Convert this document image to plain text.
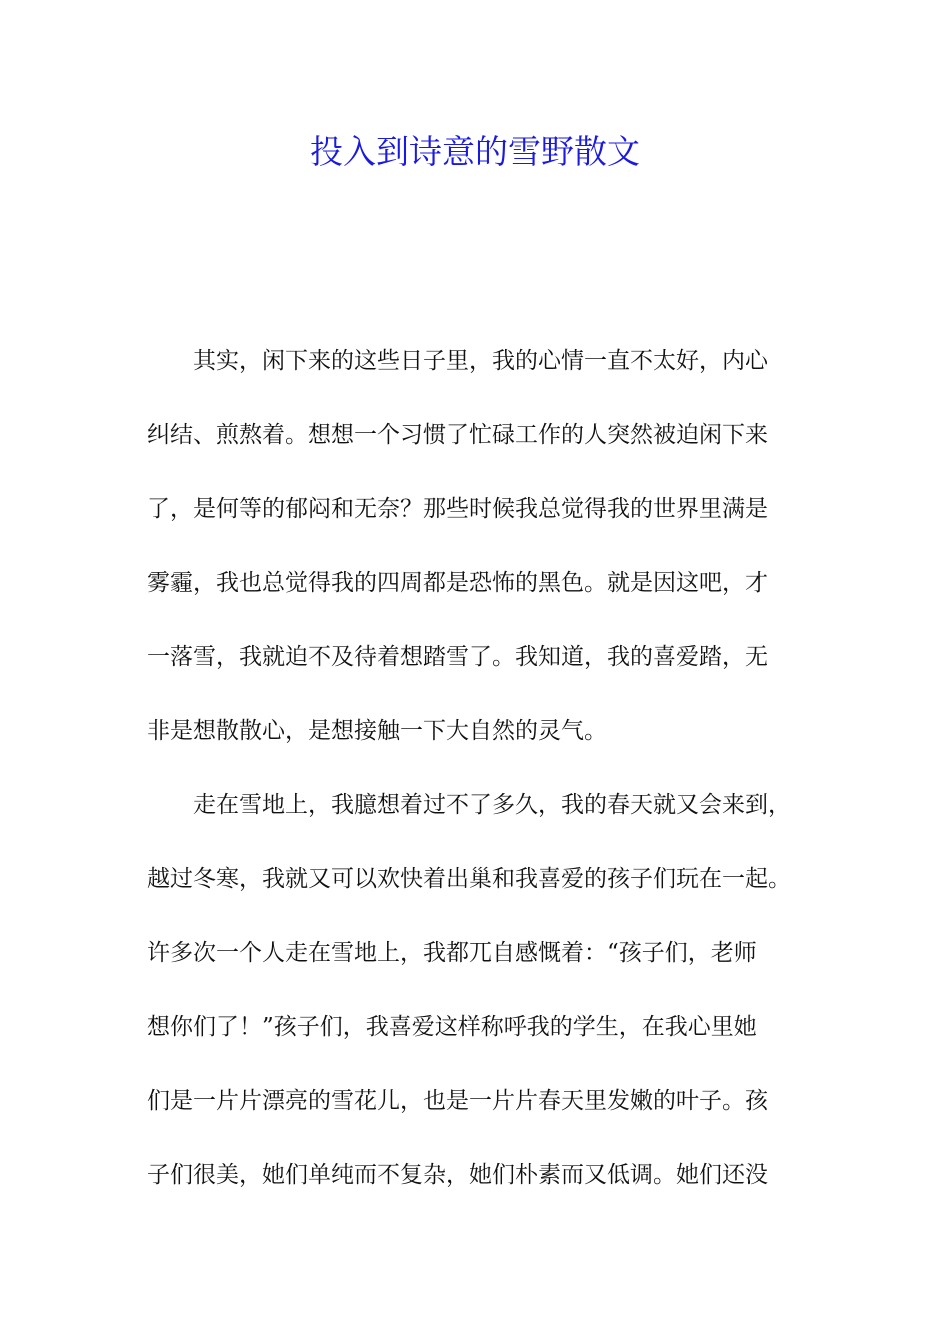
投入到诗意的雪野散文
其实，闲下来的这些日子里，我的心情一直不太好，内心
纠结、煎熬着。想想一个习惯了忙碌工作的人突然被迫闲下来
了，是何等的郁闷和无奈？那些时候我总觉得我的世界里满是
雾霾，我也总觉得我的四周都是恐怖的黑色。就是因这吧，才
一落雪，我就迫不及待着想踏雪了。我知道，我的喜爱踏，无
非是想散散心，是想接触一下大自然的灵气。
走在雪地上，我臆想着过不了多久，我的春天就又会来到，
越过冬寒，我就又可以欢快着出巢和我喜爱的孩子们玩在一起。
许多次一个人走在雪地上，我都兀自感慨着：“孩子们，老师
想你们了！”孩子们，我喜爱这样称呼我的学生，在我心里她
们是一片片漂亮的雪花儿，也是一片片春天里发嫩的叶子。孩
子们很美，她们单纯而不复杂，她们朴素而又低调。她们还没
